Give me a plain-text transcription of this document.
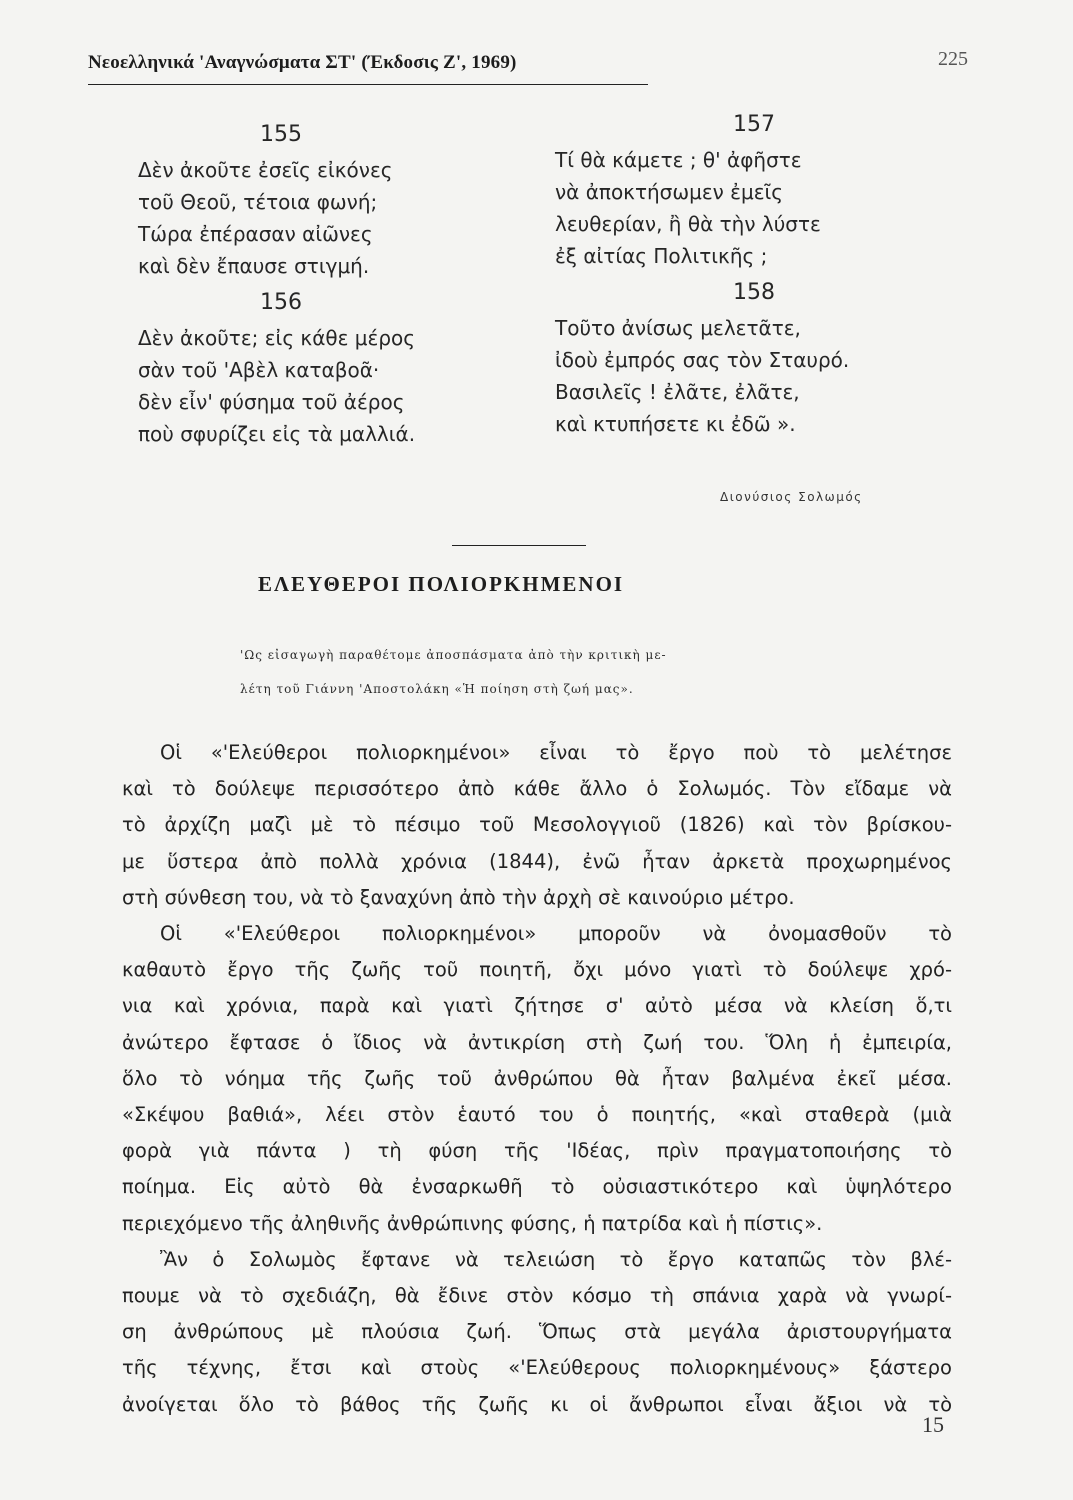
Νεοελληνικά 'Αναγνώσματα ΣΤ' (Έκδοσις Ζ', 1969)	225
155
Δὲν ἀκοῦτε ἐσεῖς εἰκόνες
τοῦ Θεοῦ, τέτοια φωνή;
Τώρα ἐπέρασαν αἰῶνες
καὶ δὲν ἔπαυσε στιγμή.
156
Δὲν ἀκοῦτε; εἰς κάθε μέρος
σὰν τοῦ 'Αβὲλ καταβοᾶ·
δὲν εἶν' φύσημα τοῦ ἀέρος
ποὺ σφυρίζει εἰς τὰ μαλλιά.
157
Τί θὰ κάμετε ; θ' ἀφῆστε
νὰ ἀποκτήσωμεν ἐμεῖς
λευθερίαν, ἢ θὰ τὴν λύστε
ἐξ αἰτίας Πολιτικῆς ;
158
Τοῦτο ἀνίσως μελετᾶτε,
ἰδοὺ ἐμπρός σας τὸν Σταυρό.
Βασιλεῖς ! ἐλᾶτε, ἐλᾶτε,
καὶ κτυπήσετε κι ἐδῶ ».
Διονύσιος Σολωμός
ΕΛΕΥΘΕΡΟΙ ΠΟΛΙΟΡΚΗΜΕΝΟΙ
'Ως εἰσαγωγὴ παραθέτομε ἀποσπάσματα ἀπὸ τὴν κριτικὴ με-
λέτη τοῦ Γιάννη 'Αποστολάκη «Ἡ ποίηση στὴ ζωή μας».
Οἱ «'Ελεύθεροι πολιορκημένοι» εἶναι τὸ ἔργο ποὺ τὸ μελέτησε
καὶ τὸ δούλεψε περισσότερο ἀπὸ κάθε ἄλλο ὁ Σολωμός. Τὸν εἴδαμε νὰ
τὸ ἀρχίζη μαζὶ μὲ τὸ πέσιμο τοῦ Μεσολογγιοῦ (1826) καὶ τὸν βρίσκου-
με ὕστερα ἀπὸ πολλὰ χρόνια (1844), ἐνῶ ἦταν ἀρκετὰ προχωρημένος
στὴ σύνθεση του, νὰ τὸ ξαναχύνη ἀπὸ τὴν ἀρχὴ σὲ καινούριο μέτρο.
Οἱ «'Ελεύθεροι πολιορκημένοι» μποροῦν νὰ ὀνομασθοῦν τὸ
καθαυτὸ ἔργο τῆς ζωῆς τοῦ ποιητῆ, ὄχι μόνο γιατὶ τὸ δούλεψε χρό-
νια καὶ χρόνια, παρὰ καὶ γιατὶ ζήτησε σ' αὐτὸ μέσα νὰ κλείση ὅ,τι
ἀνώτερο ἔφτασε ὁ ἴδιος νὰ ἀντικρίση στὴ ζωή του. Ὅλη ἡ ἐμπειρία,
ὅλο τὸ νόημα τῆς ζωῆς τοῦ ἀνθρώπου θὰ ἦταν βαλμένα ἐκεῖ μέσα.
«Σκέψου βαθιά», λέει στὸν ἑαυτό του ὁ ποιητής, «καὶ σταθερὰ (μιὰ
φορὰ γιὰ πάντα ) τὴ φύση τῆς 'Ιδέας, πρὶν πραγματοποιήσης τὸ
ποίημα. Εἰς αὐτὸ θὰ ἐνσαρκωθῆ τὸ οὐσιαστικότερο καὶ ὑψηλότερο
περιεχόμενο τῆς ἀληθινῆς ἀνθρώπινης φύσης, ἡ πατρίδα καὶ ἡ πίστις».
Ἂν ὁ Σολωμὸς ἔφτανε νὰ τελειώση τὸ ἔργο καταπῶς τὸν βλέ-
πουμε νὰ τὸ σχεδιάζη, θὰ ἔδινε στὸν κόσμο τὴ σπάνια χαρὰ νὰ γνωρί-
ση ἀνθρώπους μὲ πλούσια ζωή. Ὅπως στὰ μεγάλα ἀριστουργήματα
τῆς τέχνης, ἔτσι καὶ στοὺς «'Ελεύθερους πολιορκημένους» ξάστερο
ἀνοίγεται ὅλο τὸ βάθος τῆς ζωῆς κι οἱ ἄνθρωποι εἶναι ἄξιοι νὰ τὸ
15
